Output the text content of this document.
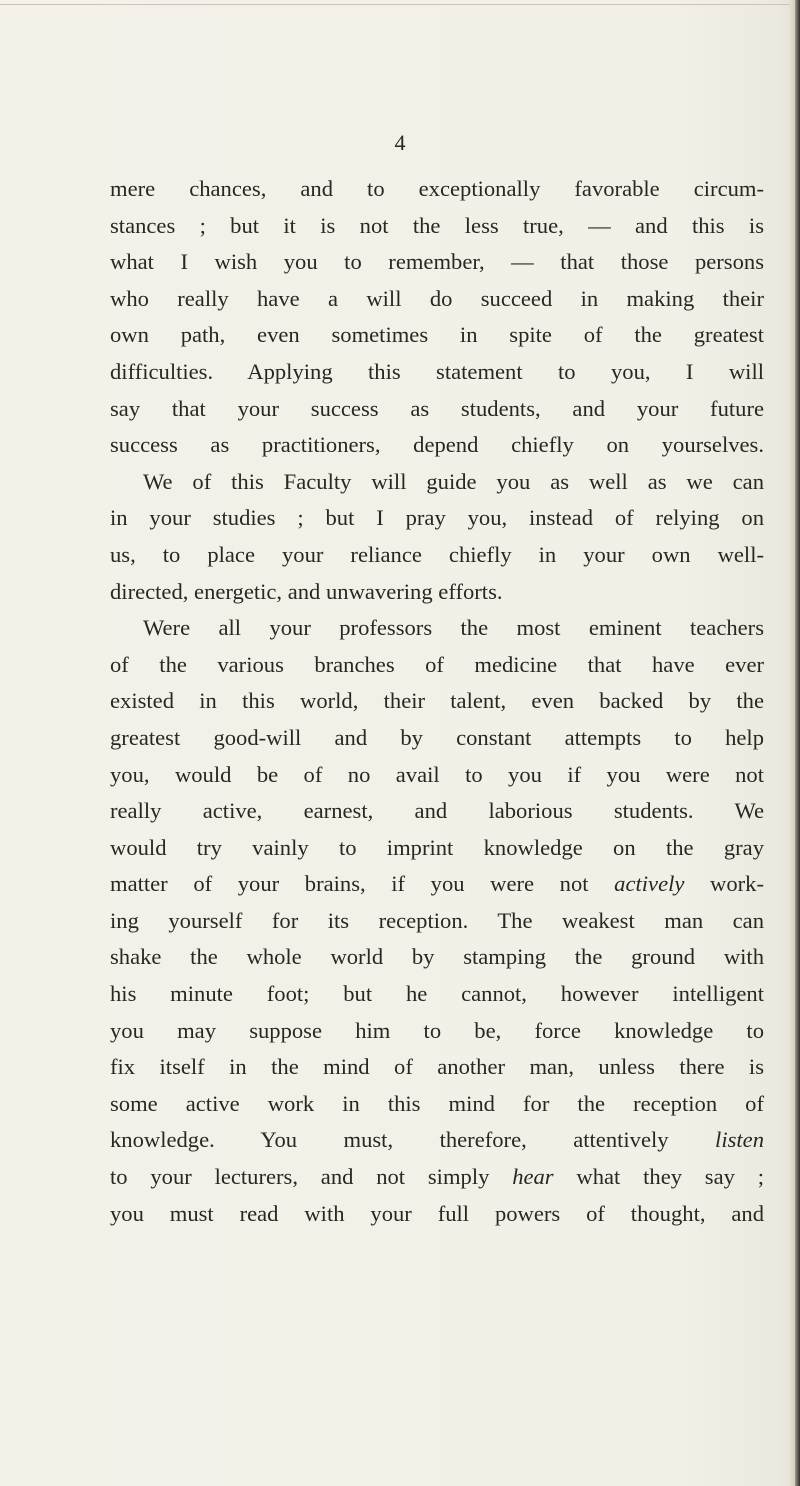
4
mere chances, and to exceptionally favorable circum-
stances ; but it is not the less true, — and this is
what I wish you to remember, — that those persons
who really have a will do succeed in making their
own path, even sometimes in spite of the greatest
difficulties. Applying this statement to you, I will
say that your success as students, and your future
success as practitioners, depend chiefly on yourselves.
We of this Faculty will guide you as well as we can
in your studies ; but I pray you, instead of relying on
us, to place your reliance chiefly in your own well-
directed, energetic, and unwavering efforts.
Were all your professors the most eminent teachers
of the various branches of medicine that have ever
existed in this world, their talent, even backed by the
greatest good-will and by constant attempts to help
you, would be of no avail to you if you were not
really active, earnest, and laborious students. We
would try vainly to imprint knowledge on the gray
matter of your brains, if you were not actively work-
ing yourself for its reception. The weakest man can
shake the whole world by stamping the ground with
his minute foot; but he cannot, however intelligent
you may suppose him to be, force knowledge to
fix itself in the mind of another man, unless there is
some active work in this mind for the reception of
knowledge. You must, therefore, attentively listen
to your lecturers, and not simply hear what they say ;
you must read with your full powers of thought, and
